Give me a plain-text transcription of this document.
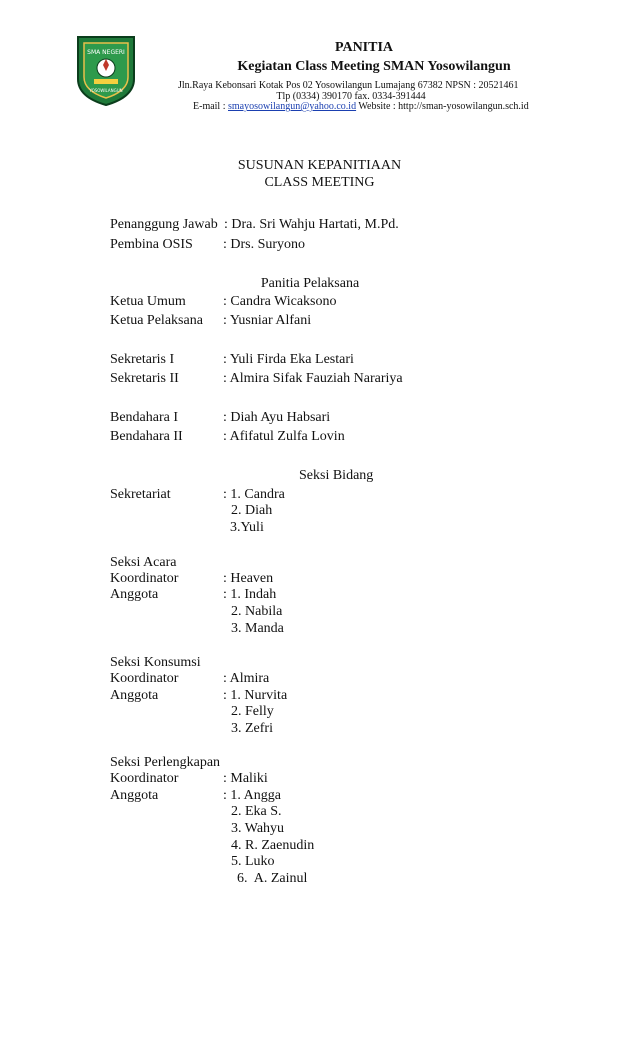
SMA NEGERI
YOSOWILANGUN
PANITIA
Kegiatan Class Meeting SMAN Yosowilangun
Jln.Raya Kebonsari Kotak Pos 02 Yosowilangun Lumajang 67382 NPSN : 20521461
Tlp (0334) 390170 fax. 0334-391444
E-mail : smayosowilangun@yahoo.co.id Website : http://sman-yosowilangun.sch.id
SUSUNAN KEPANITIAAN
CLASS MEETING
Penanggung Jawab : Dra. Sri Wahju Hartati, M.Pd.
Pembina OSIS : Drs. Suryono
Panitia Pelaksana
Ketua Umum	: Candra Wicaksono
Ketua Pelaksana : Yusniar Alfani
Sekretaris I	: Yuli Firda Eka Lestari
Sekretaris II	: Almira Sifak Fauziah Narariya
Bendahara I	: Diah Ayu Habsari
Bendahara II	: Afifatul Zulfa Lovin
Seksi Bidang
Sekretariat	: 1. Candra
2. Diah
3.Yuli
Seksi Acara
Koordinator	: Heaven
Anggota	: 1. Indah
2. Nabila
3. Manda
Seksi Konsumsi
Koordinator	: Almira
Anggota	: 1. Nurvita
2. Felly
3. Zefri
Seksi Perlengkapan
Koordinator	: Maliki
Anggota	: 1. Angga
2. Eka S.
3. Wahyu
4. R. Zaenudin
5. Luko
6.  A. Zainul
